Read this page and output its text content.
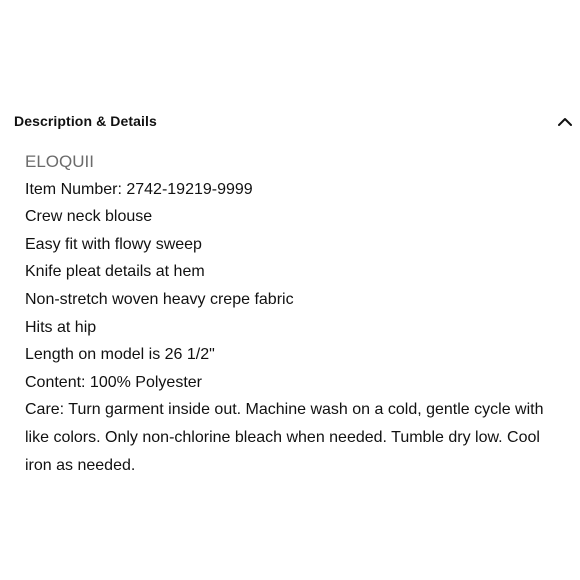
Description & Details
ELOQUII
Item Number: 2742-19219-9999
Crew neck blouse
Easy fit with flowy sweep
Knife pleat details at hem
Non-stretch woven heavy crepe fabric
Hits at hip
Length on model is 26 1/2"
Content: 100% Polyester
Care: Turn garment inside out. Machine wash on a cold, gentle cycle with like colors. Only non-chlorine bleach when needed. Tumble dry low. Cool iron as needed.
